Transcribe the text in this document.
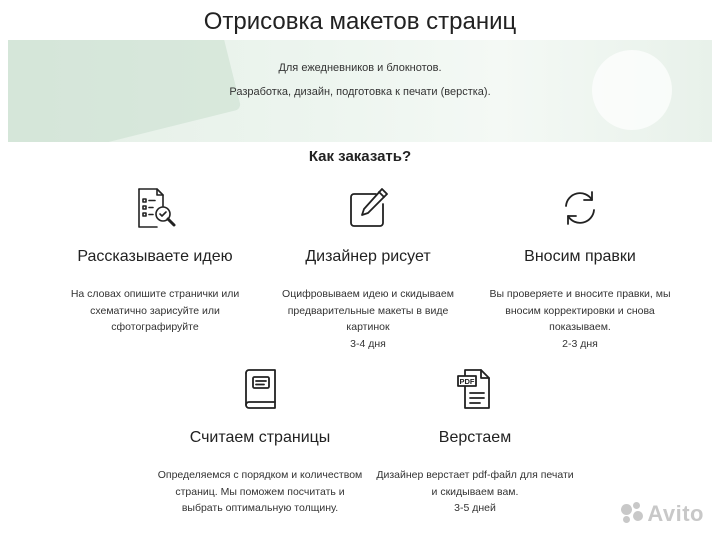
Отрисовка макетов страниц
Для ежедневников и блокнотов.
Разработка, дизайн, подготовка к печати (верстка).
Как заказать?
Рассказываете идею
На словах опишите странички или
схематично зарисуйте или
сфотографируйте
Дизайнер рисует
Оцифровываем идею и скидываем
предварительные макеты в виде
картинок
3-4 дня
Вносим правки
Вы проверяете и вносите правки, мы
вносим корректировки и снова
показываем.
2-3 дня
Считаем страницы
Определяемся с порядком и количеством
страниц. Мы поможем посчитать и
выбрать оптимальную толщину.
PDF
Верстаем
Дизайнер верстает pdf-файл для печати
и скидываем вам.
3-5 дней	Avito
